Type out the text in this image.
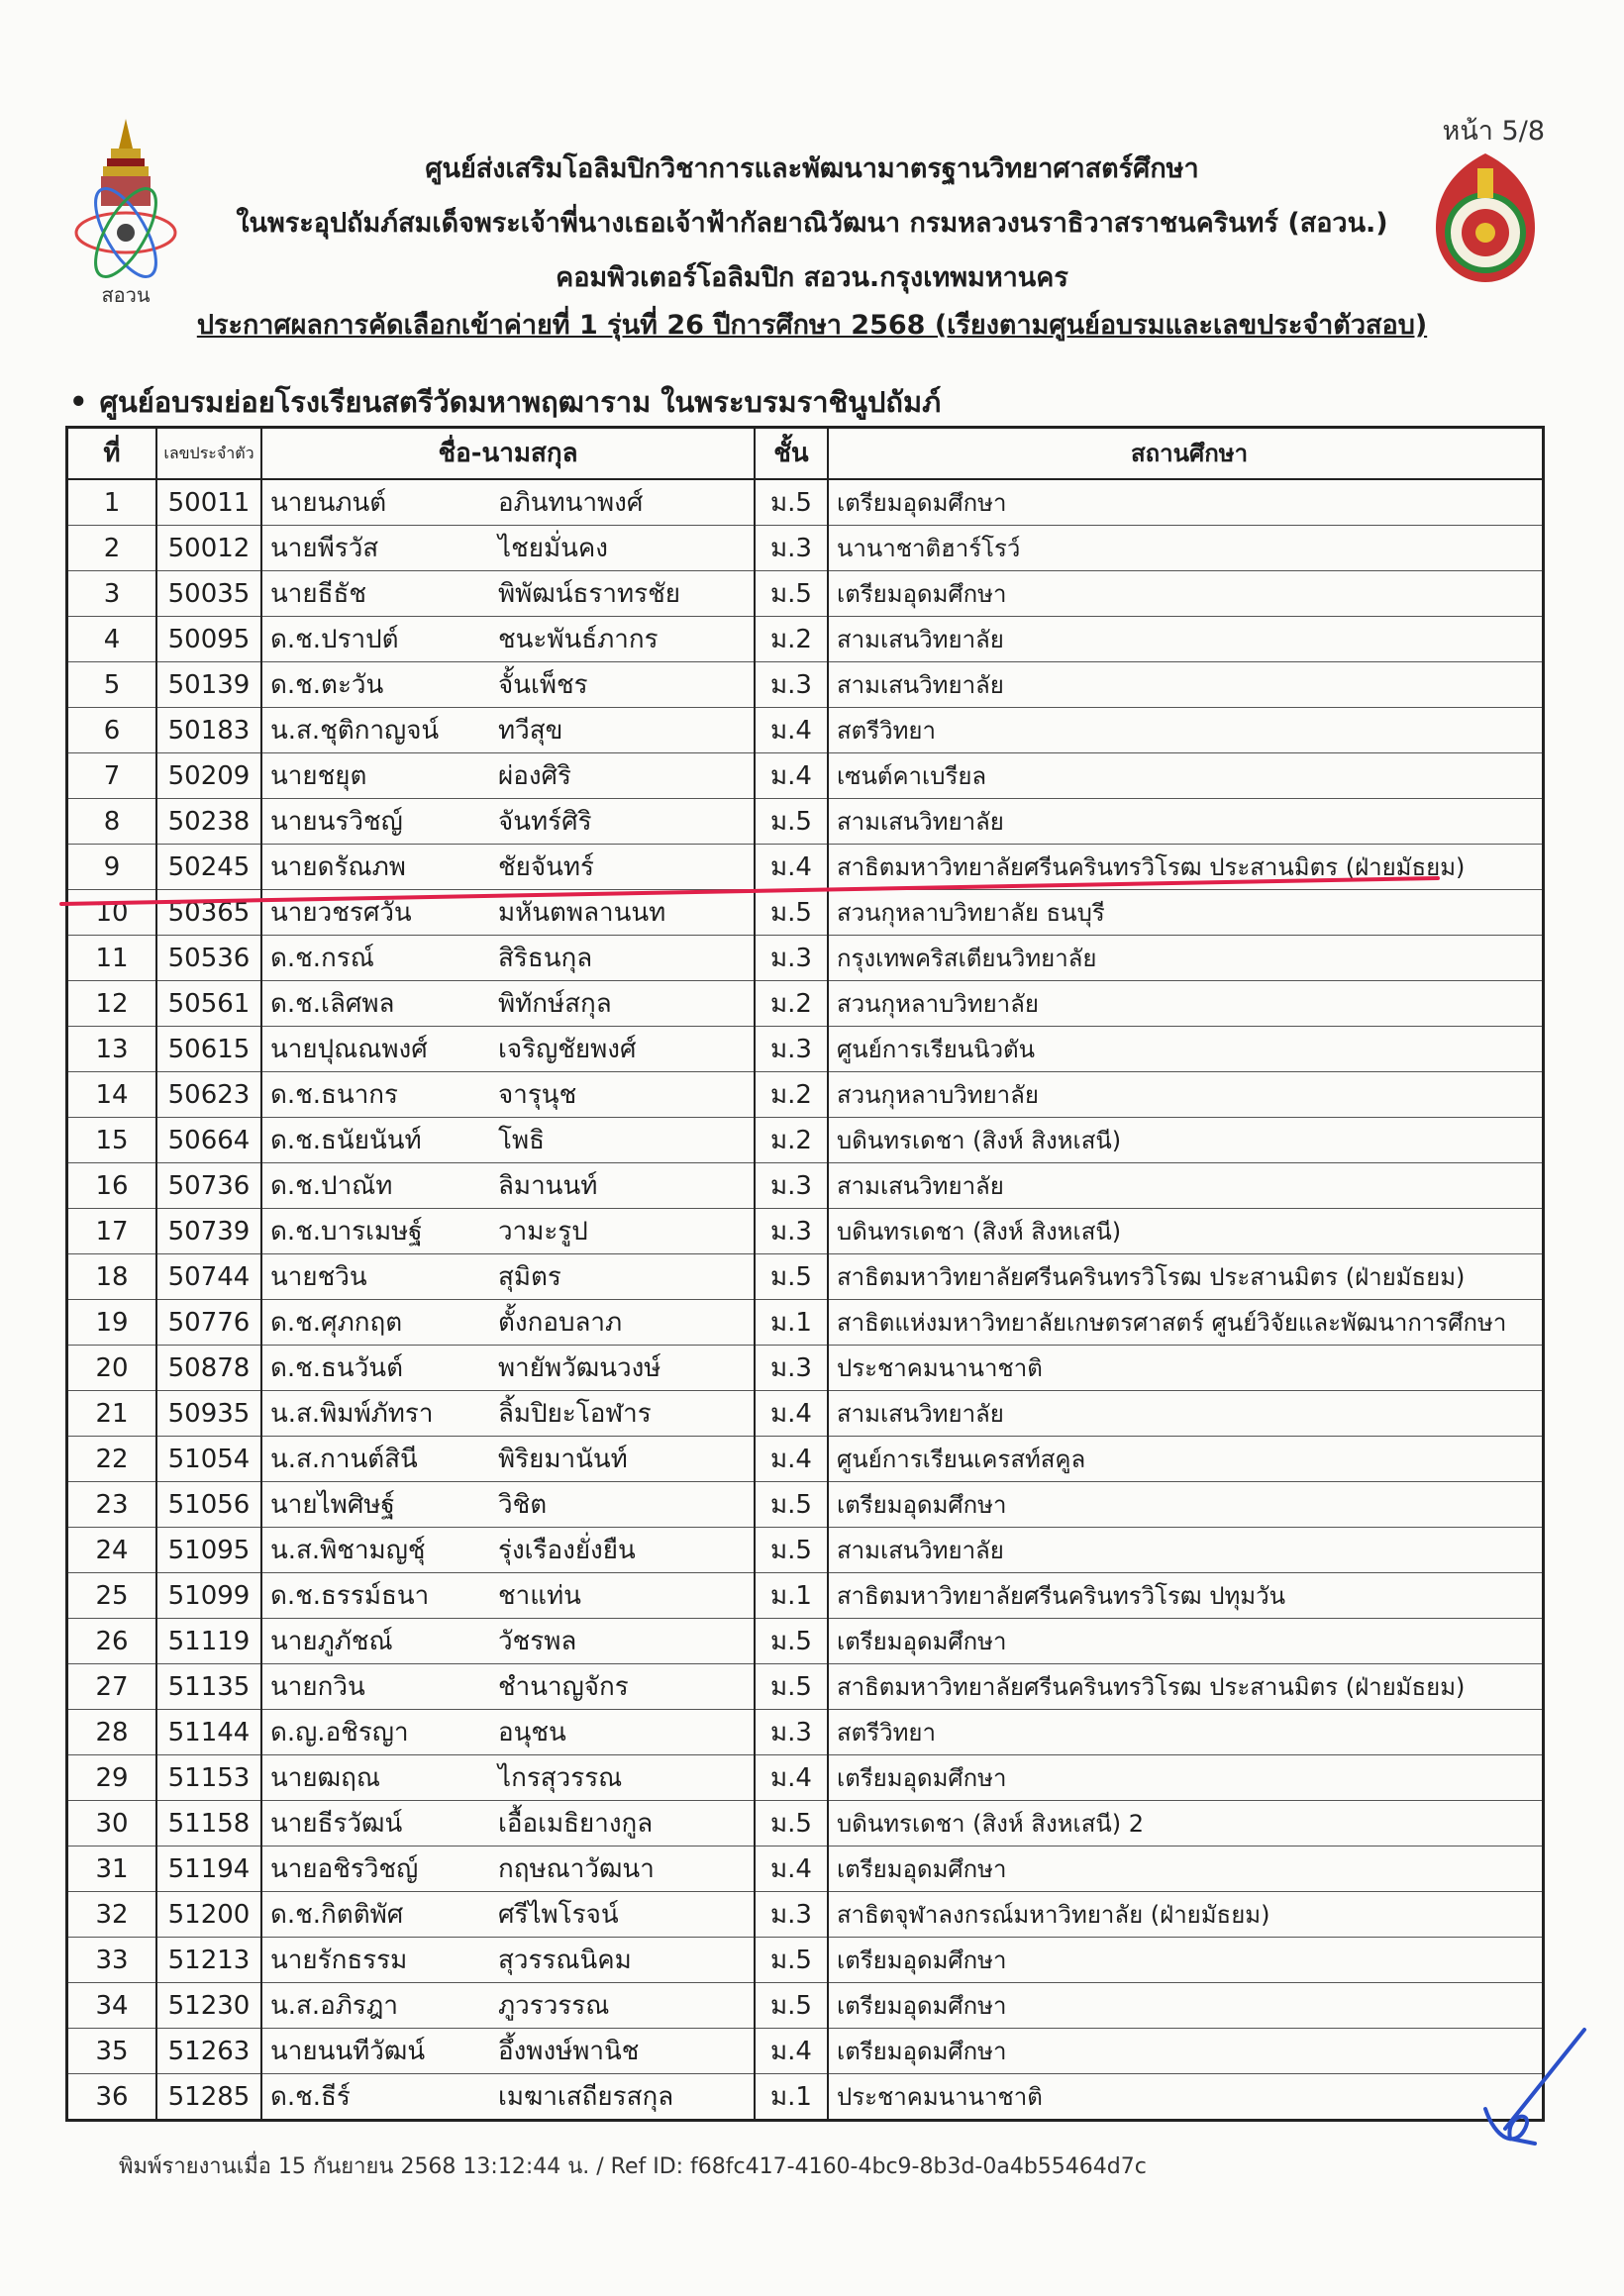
หน้า 5/8
สอวน
ศูนย์ส่งเสริมโอลิมปิกวิชาการและพัฒนามาตรฐานวิทยาศาสตร์ศึกษา
ในพระอุปถัมภ์สมเด็จพระเจ้าพี่นางเธอเจ้าฟ้ากัลยาณิวัฒนา กรมหลวงนราธิวาสราชนครินทร์ (สอวน.)
คอมพิวเตอร์โอลิมปิก สอวน.กรุงเทพมหานคร
ประกาศผลการคัดเลือกเข้าค่ายที่ 1 รุ่นที่ 26 ปีการศึกษา 2568 (เรียงตามศูนย์อบรมและเลขประจำตัวสอบ)
• ศูนย์อบรมย่อยโรงเรียนสตรีวัดมหาพฤฒาราม ในพระบรมราชินูปถัมภ์
ที่	เลขประจำตัว	ชื่อ-นามสกุล		ชั้น	สถานศึกษา
1	50011	นายนภนต์	อภินทนาพงศ์	ม.5	เตรียมอุดมศึกษา
2	50012	นายพีรวัส	ไชยมั่นคง	ม.3	นานาชาติฮาร์โรว์
3	50035	นายธีธัช	พิพัฒน์ธราทรชัย	ม.5	เตรียมอุดมศึกษา
4	50095	ด.ช.ปราปต์	ชนะพันธ์ภากร	ม.2	สามเสนวิทยาลัย
5	50139	ด.ช.ตะวัน	จั้นเพ็ชร	ม.3	สามเสนวิทยาลัย
6	50183	น.ส.ชุติกาญจน์	ทวีสุข	ม.4	สตรีวิทยา
7	50209	นายชยุต	ผ่องศิริ	ม.4	เซนต์คาเบรียล
8	50238	นายนรวิชญ์	จันทร์ศิริ	ม.5	สามเสนวิทยาลัย
9	50245	นายดรัณภพ	ชัยจันทร์	ม.4	สาธิตมหาวิทยาลัยศรีนครินทรวิโรฒ ประสานมิตร (ฝ่ายมัธยม)
10	50365	นายวชรศวัน	มหันตพลานนท	ม.5	สวนกุหลาบวิทยาลัย ธนบุรี
11	50536	ด.ช.กรณ์	สิริธนกุล	ม.3	กรุงเทพคริสเตียนวิทยาลัย
12	50561	ด.ช.เลิศพล	พิทักษ์สกุล	ม.2	สวนกุหลาบวิทยาลัย
13	50615	นายปุณณพงศ์	เจริญชัยพงศ์	ม.3	ศูนย์การเรียนนิวตัน
14	50623	ด.ช.ธนากร	จารุนุช	ม.2	สวนกุหลาบวิทยาลัย
15	50664	ด.ช.ธนัยนันท์	โพธิ	ม.2	บดินทรเดชา (สิงห์ สิงหเสนี)
16	50736	ด.ช.ปาณัท	ลิมานนท์	ม.3	สามเสนวิทยาลัย
17	50739	ด.ช.บารเมษฐ์	วามะรูป	ม.3	บดินทรเดชา (สิงห์ สิงหเสนี)
18	50744	นายชวิน	สุมิตร	ม.5	สาธิตมหาวิทยาลัยศรีนครินทรวิโรฒ ประสานมิตร (ฝ่ายมัธยม)
19	50776	ด.ช.ศุภกฤต	ตั้งกอบลาภ	ม.1	สาธิตแห่งมหาวิทยาลัยเกษตรศาสตร์ ศูนย์วิจัยและพัฒนาการศึกษา
20	50878	ด.ช.ธนวันต์	พายัพวัฒนวงษ์	ม.3	ประชาคมนานาชาติ
21	50935	น.ส.พิมพ์ภัทรา	ลิ้มปิยะโอฬาร	ม.4	สามเสนวิทยาลัย
22	51054	น.ส.กานต์สินี	พิริยมานันท์	ม.4	ศูนย์การเรียนเครสท์สคูล
23	51056	นายไพศิษฐ์	วิชิต	ม.5	เตรียมอุดมศึกษา
24	51095	น.ส.พิชามญชุ์	รุ่งเรืองยั่งยืน	ม.5	สามเสนวิทยาลัย
25	51099	ด.ช.ธรรม์ธนา	ชาแท่น	ม.1	สาธิตมหาวิทยาลัยศรีนครินทรวิโรฒ ปทุมวัน
26	51119	นายภูภัชณ์	วัชรพล	ม.5	เตรียมอุดมศึกษา
27	51135	นายกวิน	ชำนาญจักร	ม.5	สาธิตมหาวิทยาลัยศรีนครินทรวิโรฒ ประสานมิตร (ฝ่ายมัธยม)
28	51144	ด.ญ.อชิรญา	อนุชน	ม.3	สตรีวิทยา
29	51153	นายฒฤณ	ไกรสุวรรณ	ม.4	เตรียมอุดมศึกษา
30	51158	นายธีรวัฒน์	เอื้อเมธิยางกูล	ม.5	บดินทรเดชา (สิงห์ สิงหเสนี) 2
31	51194	นายอชิรวิชญ์	กฤษณาวัฒนา	ม.4	เตรียมอุดมศึกษา
32	51200	ด.ช.กิตติพัศ	ศรีไพโรจน์	ม.3	สาธิตจุฬาลงกรณ์มหาวิทยาลัย (ฝ่ายมัธยม)
33	51213	นายรักธรรม	สุวรรณนิคม	ม.5	เตรียมอุดมศึกษา
34	51230	น.ส.อภิรฎา	ภูวรวรรณ	ม.5	เตรียมอุดมศึกษา
35	51263	นายนนทีวัฒน์	อึ้งพงษ์พานิช	ม.4	เตรียมอุดมศึกษา
36	51285	ด.ช.ธีร์	เมฆาเสถียรสกุล	ม.1	ประชาคมนานาชาติ
พิมพ์รายงานเมื่อ 15 กันยายน 2568 13:12:44 น. / Ref ID: f68fc417-4160-4bc9-8b3d-0a4b55464d7c
